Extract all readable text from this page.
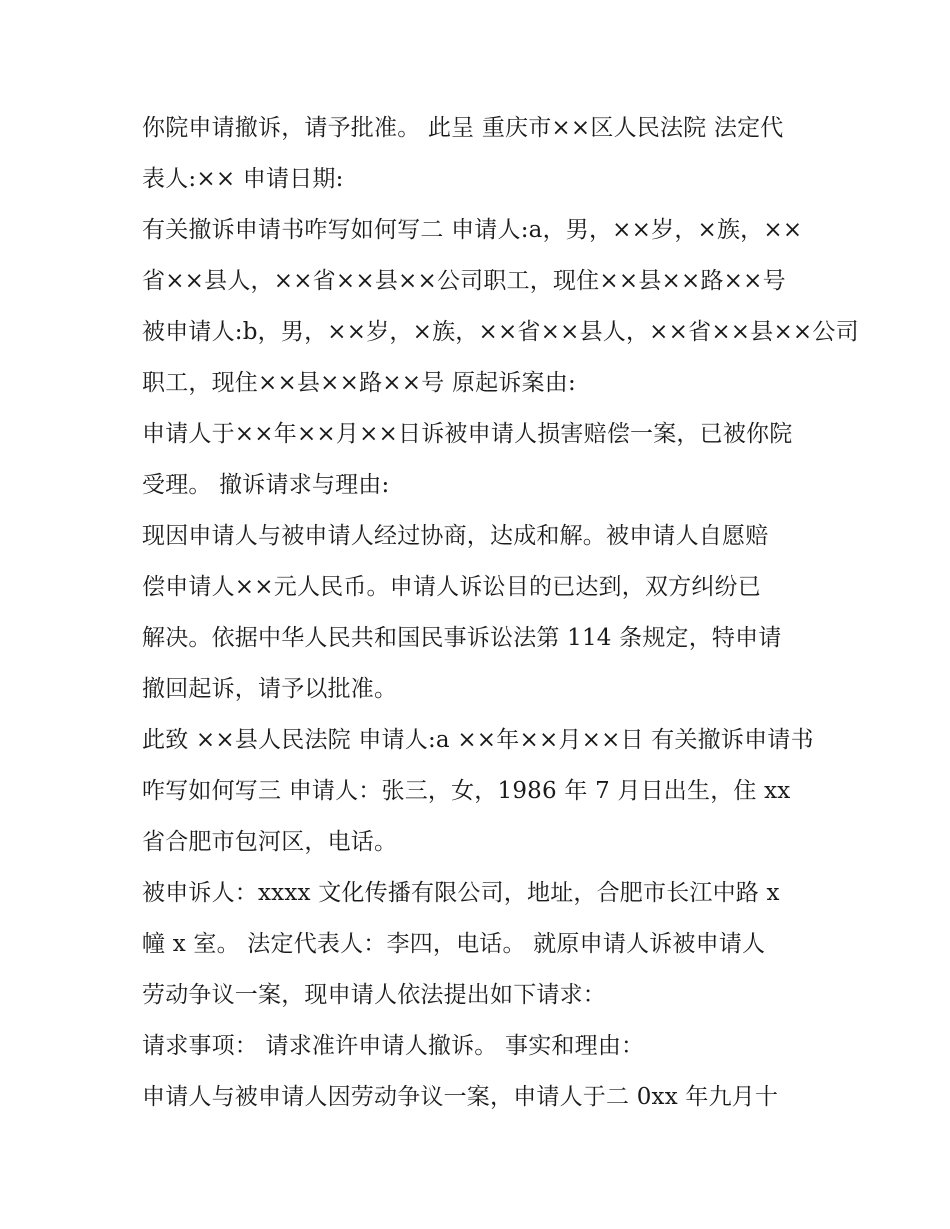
你院申请撤诉，请予批准。 此呈 重庆市××区人民法院 法定代
表人:×× 申请日期:
有关撤诉申请书咋写如何写二 申请人:a，男，××岁，×族，××
省××县人，××省××县××公司职工，现住××县××路××号
被申请人:b，男，××岁，×族，××省××县人，××省××县××公司
职工，现住××县××路××号 原起诉案由:
申请人于××年××月××日诉被申请人损害赔偿一案，已被你院
受理。 撤诉请求与理由:
现因申请人与被申请人经过协商，达成和解。被申请人自愿赔
偿申请人××元人民币。申请人诉讼目的已达到，双方纠纷已
解决。依据中华人民共和国民事诉讼法第 114 条规定，特申请
撤回起诉，请予以批准。
此致 ××县人民法院 申请人:a ××年××月××日 有关撤诉申请书
咋写如何写三 申请人：张三，女，1986 年 7 月日出生，住 xx
省合肥市包河区，电话。
被申诉人：xxxx 文化传播有限公司，地址，合肥市长江中路 x
幢 x 室。 法定代表人：李四，电话。 就原申请人诉被申请人
劳动争议一案，现申请人依法提出如下请求：
请求事项： 请求准许申请人撤诉。 事实和理由：
申请人与被申请人因劳动争议一案，申请人于二 0xx 年九月十
